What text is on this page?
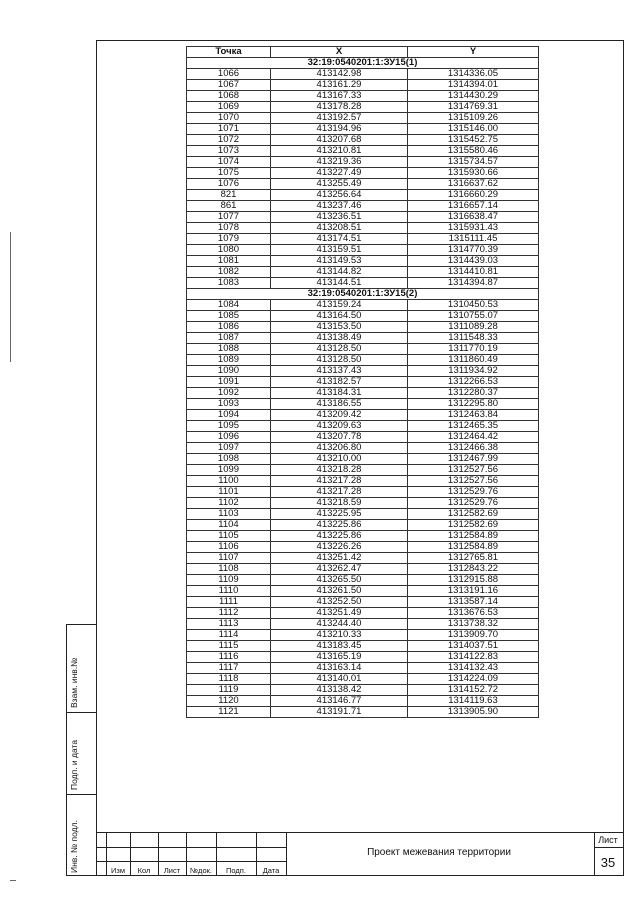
Точка	X	Y
32:19:0540201:1:ЗУ15(1)		
1066	413142.98	1314336.05
1067	413161.29	1314394.01
1068	413167.33	1314430.29
1069	413178.28	1314769.31
1070	413192.57	1315109.26
1071	413194.96	1315146.00
1072	413207.68	1315452.75
1073	413210.81	1315580.46
1074	413219.36	1315734.57
1075	413227.49	1315930.66
1076	413255.49	1316637.62
821	413256.64	1316660.29
861	413237.46	1316657.14
1077	413236.51	1316638.47
1078	413208.51	1315931.43
1079	413174.51	1315111.45
1080	413159.51	1314770.39
1081	413149.53	1314439.03
1082	413144.82	1314410.81
1083	413144.51	1314394.87
32:19:0540201:1:ЗУ15(2)		
1084	413159.24	1310450.53
1085	413164.50	1310755.07
1086	413153.50	1311089.28
1087	413138.49	1311548.33
1088	413128.50	1311770.19
1089	413128.50	1311860.49
1090	413137.43	1311934.92
1091	413182.57	1312266.53
1092	413184.31	1312280.37
1093	413186.55	1312295.80
1094	413209.42	1312463.84
1095	413209.63	1312465.35
1096	413207.78	1312464.42
1097	413206.80	1312466.38
1098	413210.00	1312467.99
1099	413218.28	1312527.56
1100	413217.28	1312527.56
1101	413217.28	1312529.76
1102	413218.59	1312529.76
1103	413225.95	1312582.69
1104	413225.86	1312582.69
1105	413225.86	1312584.89
1106	413226.26	1312584.89
1107	413251.42	1312765.81
1108	413262.47	1312843.22
1109	413265.50	1312915.88
1110	413261.50	1313191.16
1111	413252.50	1313587.14
1112	413251.49	1313676.53
1113	413244.40	1313738.32
1114	413210.33	1313909.70
1115	413183.45	1314037.51
1116	413165.19	1314122.83
1117	413163.14	1314132.43
1118	413140.01	1314224.09
1119	413138.42	1314152.72
1120	413146.77	1314119.63
1121	413191.71	1313905.90
Взам. инв.№
Подп. и дата
Инв. № подл.	Изм	Кол	Лист	№док.	Подп.	Дата
Проект межевания территории
Лист
35
